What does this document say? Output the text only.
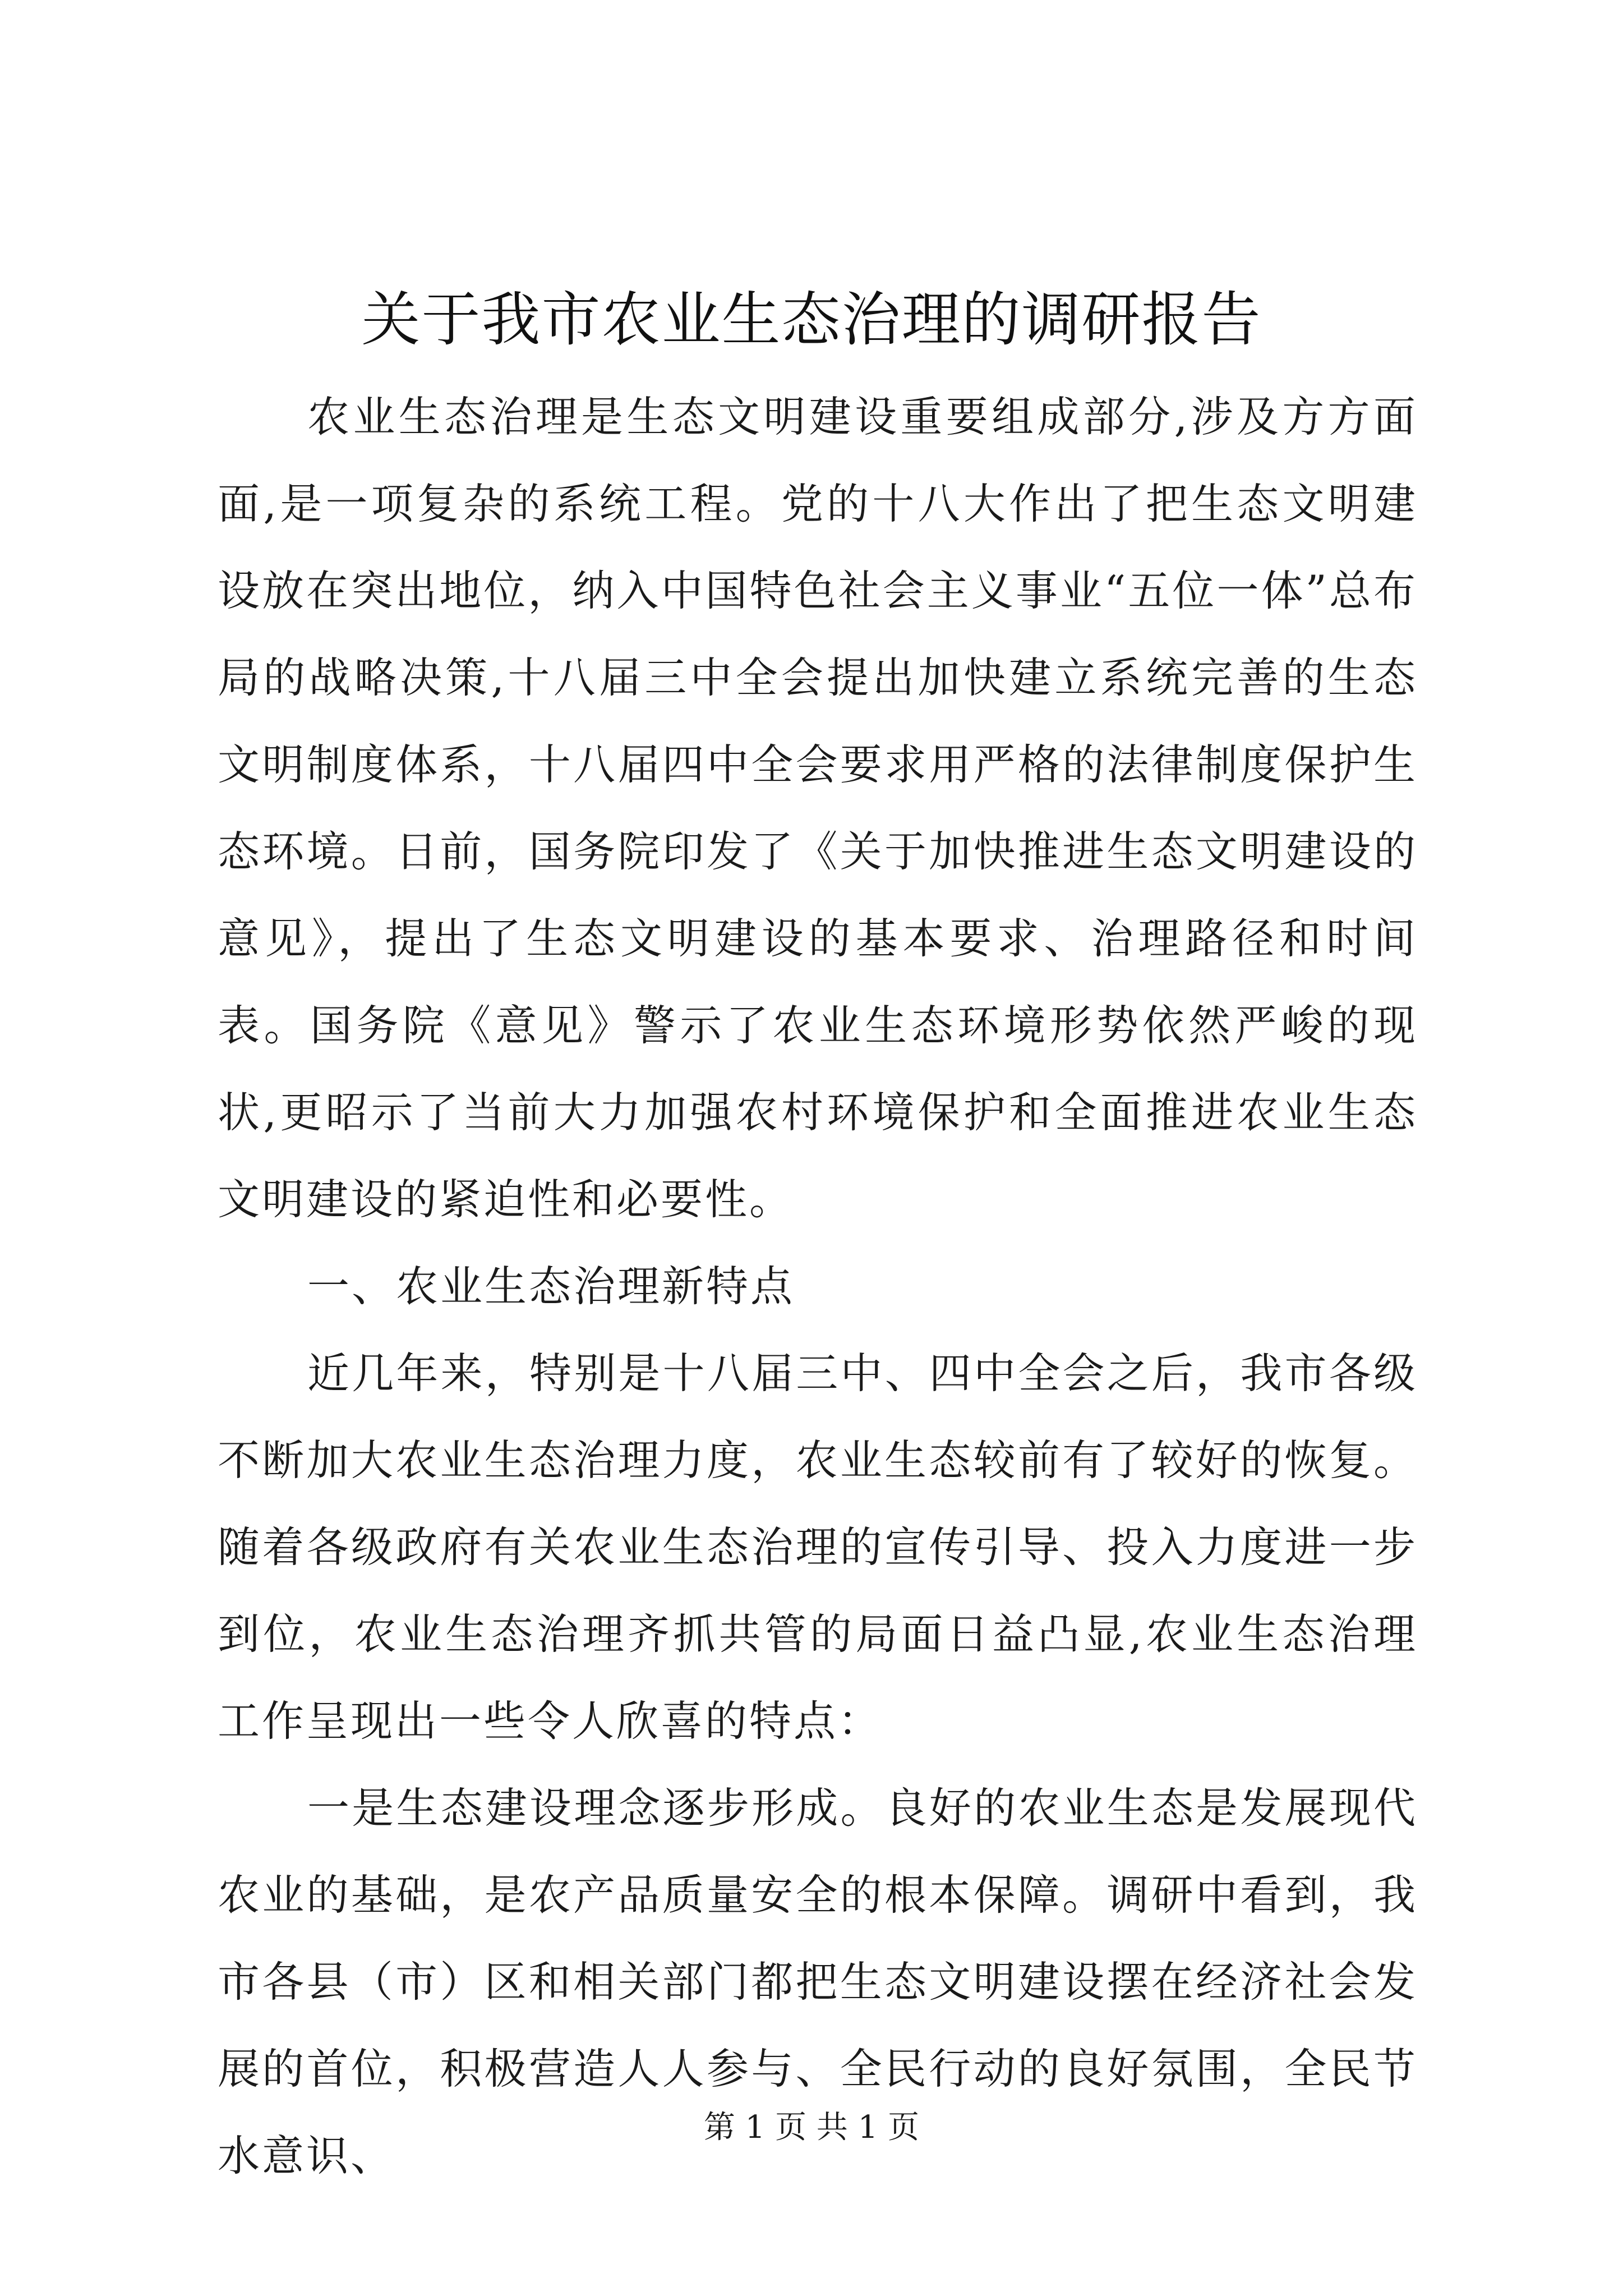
关于我市农业生态治理的调研报告

农业生态治理是生态文明建设重要组成部分,涉及方方面面,是一项复杂的系统工程。党的十八大作出了把生态文明建设放在突出地位，纳入中国特色社会主义事业“五位一体”总布局的战略决策,十八届三中全会提出加快建立系统完善的生态文明制度体系，十八届四中全会要求用严格的法律制度保护生态环境。日前，国务院印发了《关于加快推进生态文明建设的意见》，提出了生态文明建设的基本要求、治理路径和时间表。国务院《意见》警示了农业生态环境形势依然严峻的现状,更昭示了当前大力加强农村环境保护和全面推进农业生态文明建设的紧迫性和必要性。

一、农业生态治理新特点

近几年来，特别是十八届三中、四中全会之后，我市各级不断加大农业生态治理力度，农业生态较前有了较好的恢复。随着各级政府有关农业生态治理的宣传引导、投入力度进一步到位，农业生态治理齐抓共管的局面日益凸显,农业生态治理工作呈现出一些令人欣喜的特点：

一是生态建设理念逐步形成。良好的农业生态是发展现代农业的基础，是农产品质量安全的根本保障。调研中看到，我市各县（市）区和相关部门都把生态文明建设摆在经济社会发展的首位，积极营造人人参与、全民行动的良好氛围，全民节水意识、

第 1 页 共 1 页
